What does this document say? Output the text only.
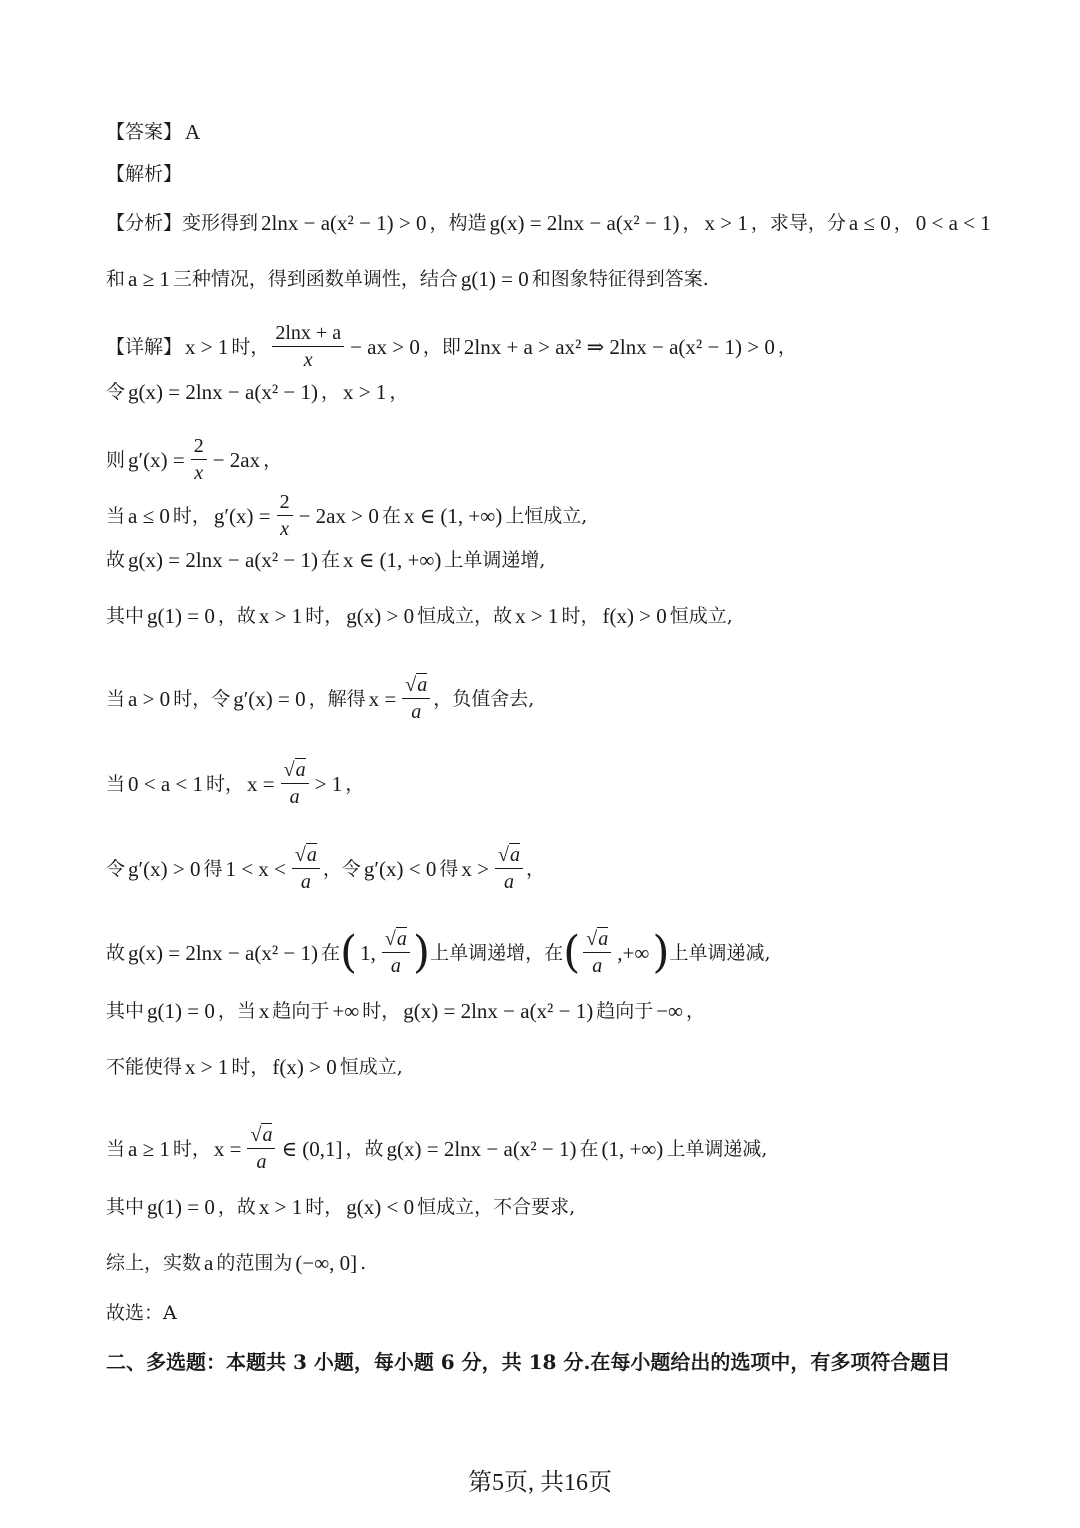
【答案】 A
【解析】
【分析】 变形得到 2lnx − a(x² − 1) > 0 ，构造 g(x) = 2lnx − a(x² − 1) ， x > 1 ，求导，分 a ≤ 0 ， 0 < a < 1
和 a ≥ 1 三种情况，得到函数单调性，结合 g(1) = 0 和图象特征得到答案.
【详解】 x > 1 时， $\frac{2\ln x + a}{x}$ − ax > 0 ，即 2lnx + a > ax² ⇒ 2lnx − a(x² − 1) > 0 ，
令 g(x) = 2lnx − a(x² − 1) ， x > 1 ，
则 $g'(x) = \frac{2}{x} - 2ax$ ，
当 a ≤ 0 时， $g'(x) = \frac{2}{x} - 2ax > 0$ 在 x ∈ (1, +∞) 上恒成立,
故 g(x) = 2lnx − a(x² − 1) 在 x ∈ (1, +∞) 上单调递增,
其中 g(1) = 0 ，故 x > 1 时， g(x) > 0 恒成立，故 x > 1 时， f(x) > 0 恒成立,
当 a > 0 时，令 g′(x) = 0 ，解得 $x = \frac{√a}{a}$ ，负值舍去,
当 0 < a < 1 时， $x = \frac{√a}{a} > 1$ ，
令 g′(x) > 0 得 $1 < x < \frac{√a}{a}$ ，令 g′(x) < 0 得 $x > \frac{√a}{a}$ ，
故 g(x) = 2lnx − a(x² − 1) 在 ( 1, $\frac{√a}{a}$ ) 上单调递增，在 ( $\frac{√a}{a}$ ,+∞ ) 上单调递减,
其中 g(1) = 0 ，当 x 趋向于 +∞ 时， g(x) = 2lnx − a(x² − 1) 趋向于 −∞ ，
不能使得 x > 1 时， f(x) > 0 恒成立,
当 a ≥ 1 时， $x = \frac{√a}{a}$ ∈ (0,1] ，故 g(x) = 2lnx − a(x² − 1) 在 (1, +∞) 上单调递减,
其中 g(1) = 0 ，故 x > 1 时， g(x) < 0 恒成立，不合要求,
综上，实数 a 的范围为 (−∞, 0] .
故选：A
二、多选题：本题共 3 小题，每小题 6 分，共 18 分.在每小题给出的选项中，有多项符合题目
第5页, 共16页
